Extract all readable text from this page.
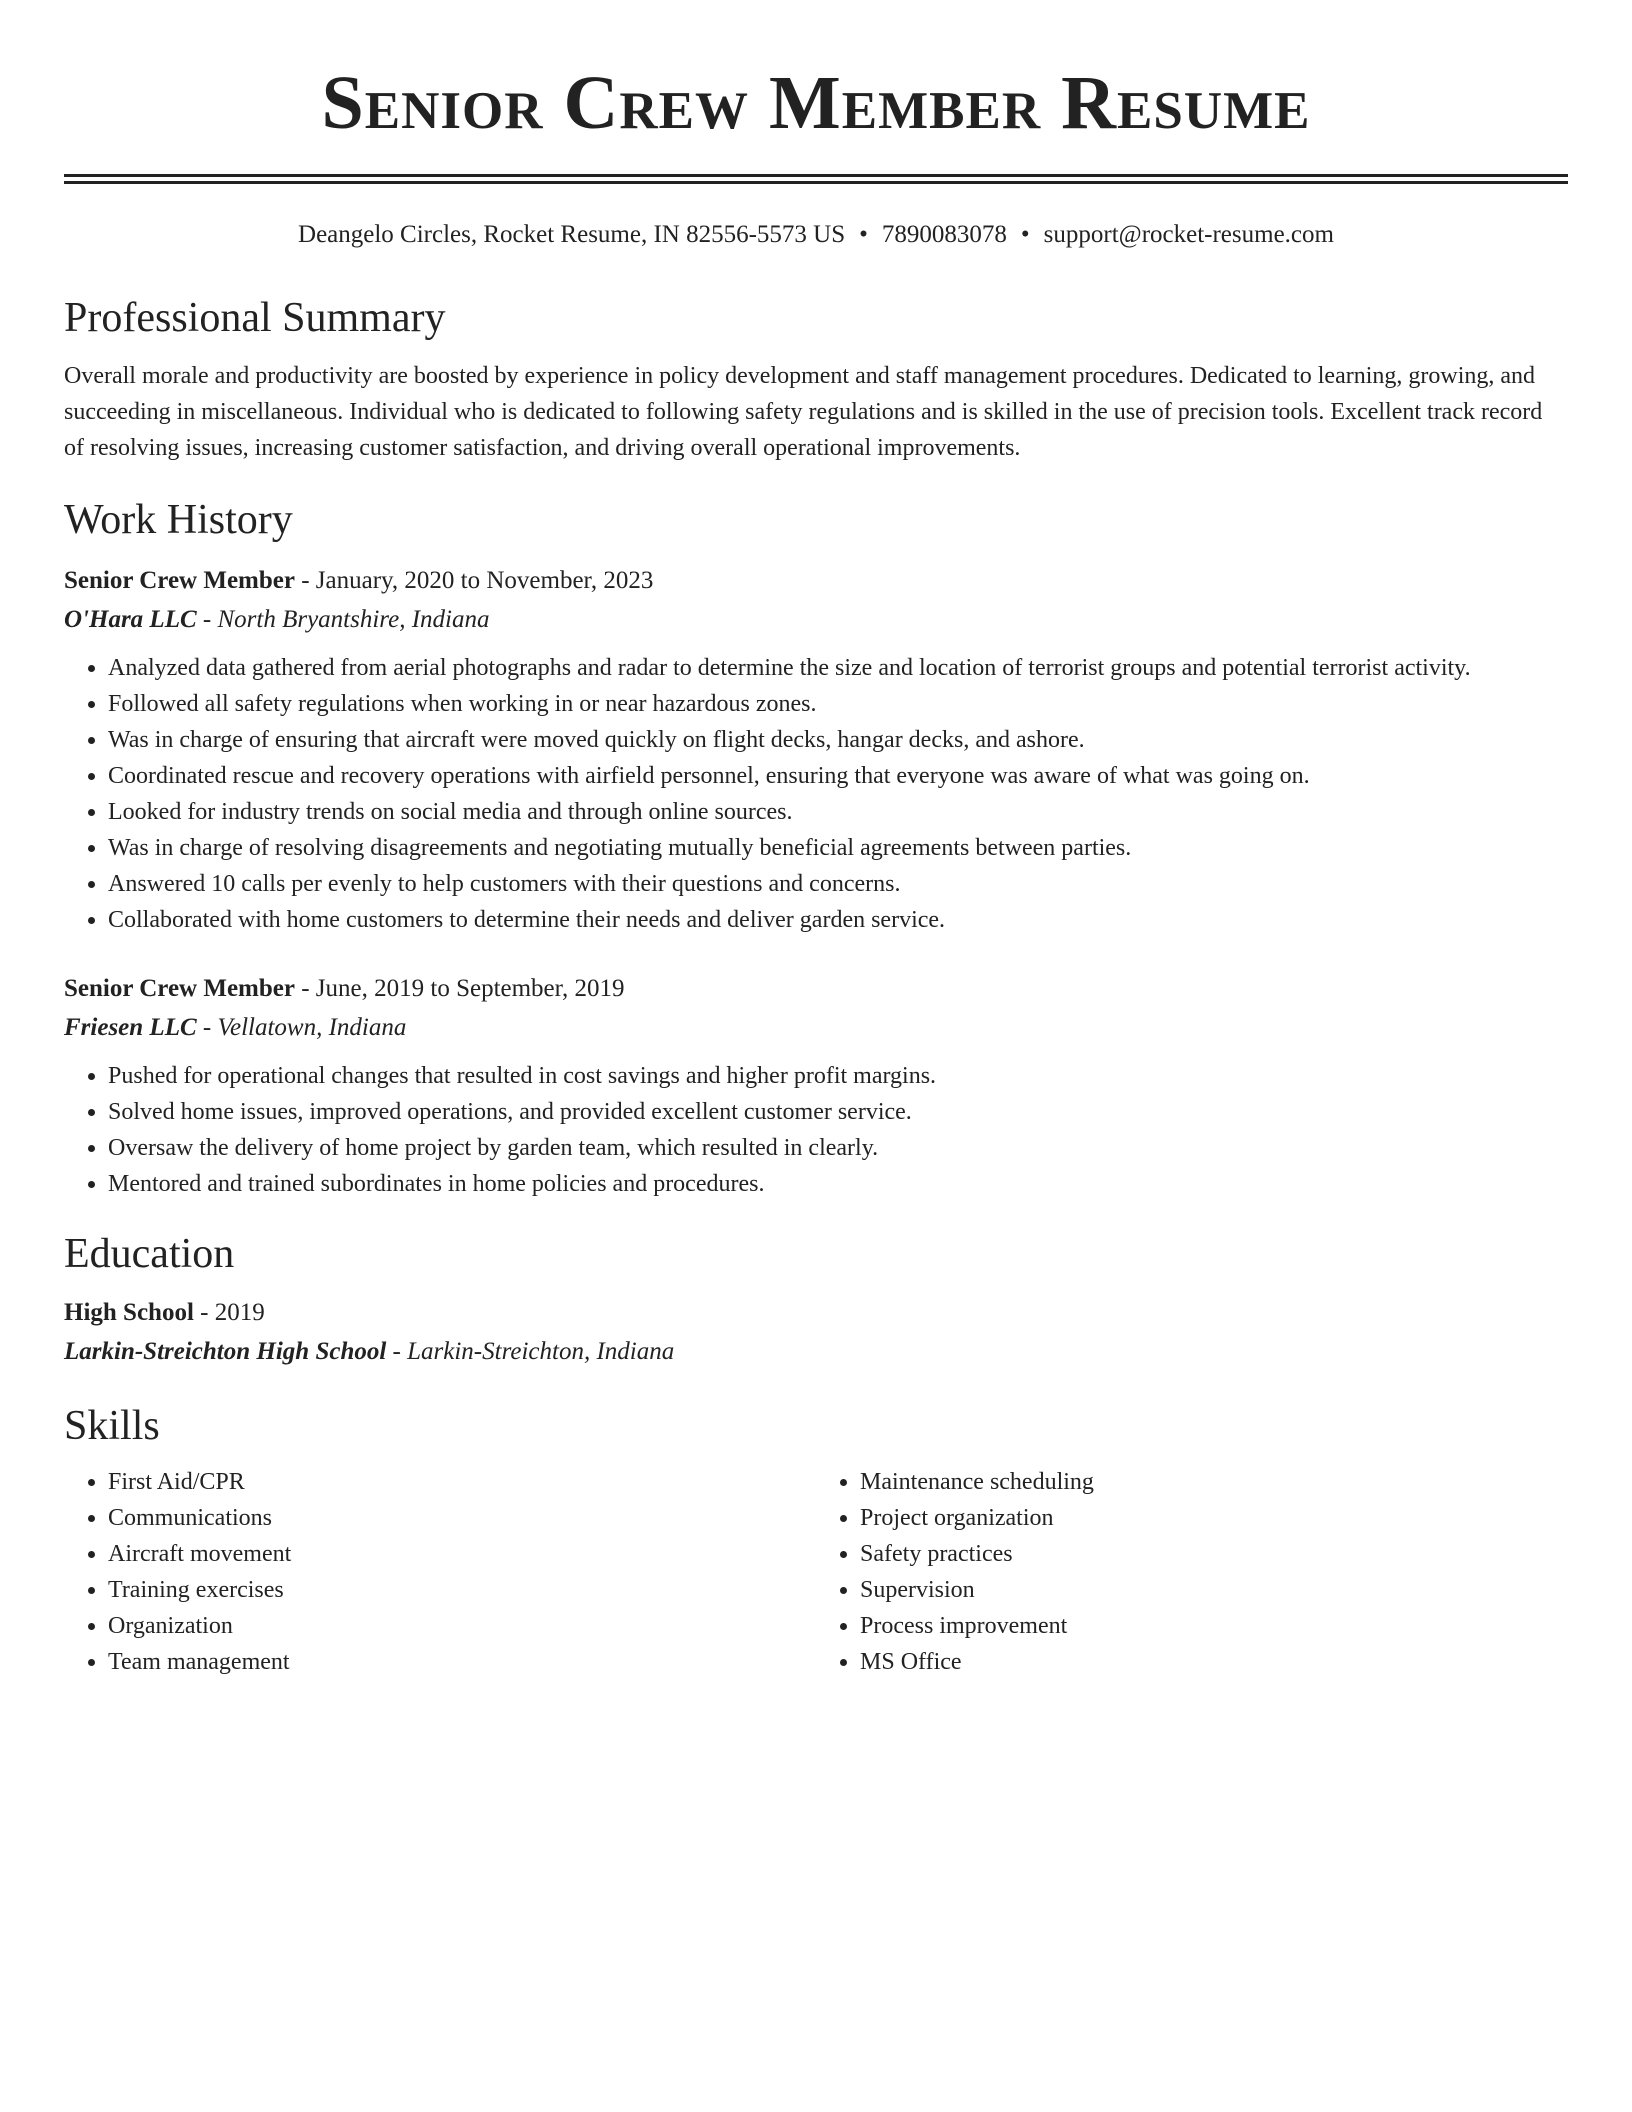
Senior Crew Member Resume
Deangelo Circles, Rocket Resume, IN 82556-5573 US • 7890083078 • support@rocket-resume.com
Professional Summary
Overall morale and productivity are boosted by experience in policy development and staff management procedures. Dedicated to learning, growing, and succeeding in miscellaneous. Individual who is dedicated to following safety regulations and is skilled in the use of precision tools. Excellent track record of resolving issues, increasing customer satisfaction, and driving overall operational improvements.
Work History
Senior Crew Member - January, 2020 to November, 2023
O'Hara LLC - North Bryantshire, Indiana
• Analyzed data gathered from aerial photographs and radar to determine the size and location of terrorist groups and potential terrorist activity.
• Followed all safety regulations when working in or near hazardous zones.
• Was in charge of ensuring that aircraft were moved quickly on flight decks, hangar decks, and ashore.
• Coordinated rescue and recovery operations with airfield personnel, ensuring that everyone was aware of what was going on.
• Looked for industry trends on social media and through online sources.
• Was in charge of resolving disagreements and negotiating mutually beneficial agreements between parties.
• Answered 10 calls per evenly to help customers with their questions and concerns.
• Collaborated with home customers to determine their needs and deliver garden service.
Senior Crew Member - June, 2019 to September, 2019
Friesen LLC - Vellatown, Indiana
• Pushed for operational changes that resulted in cost savings and higher profit margins.
• Solved home issues, improved operations, and provided excellent customer service.
• Oversaw the delivery of home project by garden team, which resulted in clearly.
• Mentored and trained subordinates in home policies and procedures.
Education
High School - 2019
Larkin-Streichton High School - Larkin-Streichton, Indiana
Skills
• First Aid/CPR
• Communications
• Aircraft movement
• Training exercises
• Organization
• Team management
• Maintenance scheduling
• Project organization
• Safety practices
• Supervision
• Process improvement
• MS Office
